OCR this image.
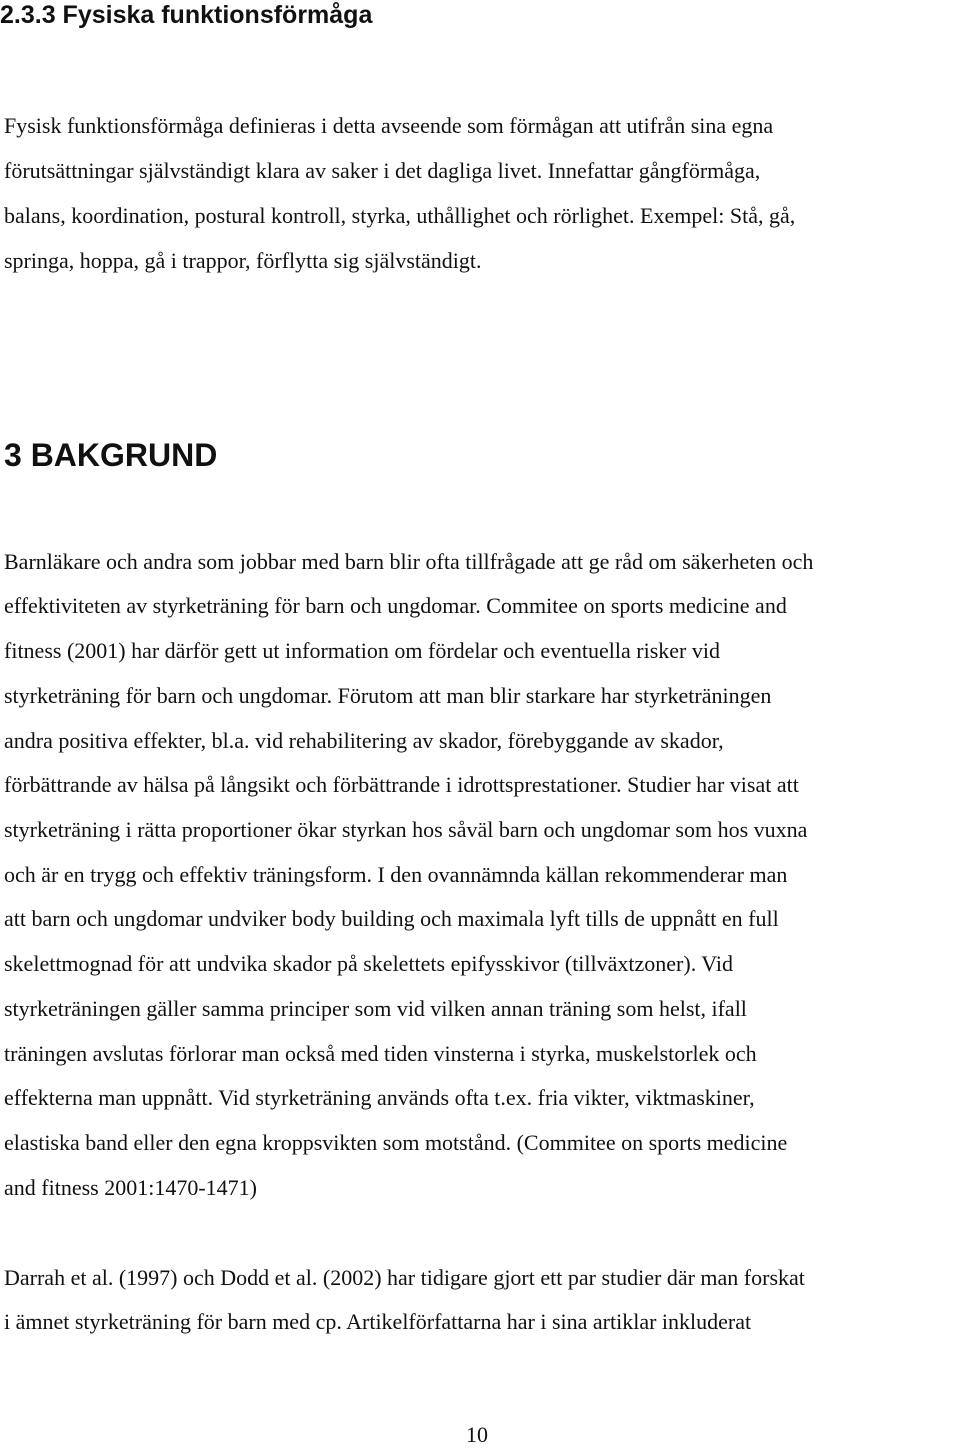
2.3.3 Fysiska funktionsförmåga
Fysisk funktionsförmåga definieras i detta avseende som förmågan att utifrån sina egna
förutsättningar självständigt klara av saker i det dagliga livet. Innefattar gångförmåga,
balans, koordination, postural kontroll, styrka, uthållighet och rörlighet. Exempel: Stå, gå,
springa, hoppa, gå i trappor, förflytta sig självständigt.
3 BAKGRUND
Barnläkare och andra som jobbar med barn blir ofta tillfrågade att ge råd om säkerheten och
effektiviteten av styrketräning för barn och ungdomar. Commitee on sports medicine and
fitness (2001) har därför gett ut information om fördelar och eventuella risker vid
styrketräning för barn och ungdomar. Förutom att man blir starkare har styrketräningen
andra positiva effekter, bl.a. vid rehabilitering av skador, förebyggande av skador,
förbättrande av hälsa på långsikt och förbättrande i idrottsprestationer. Studier har visat att
styrketräning i rätta proportioner ökar styrkan hos såväl barn och ungdomar som hos vuxna
och är en trygg och effektiv träningsform. I den ovannämnda källan rekommenderar man
att barn och ungdomar undviker body building och maximala lyft tills de uppnått en full
skelettmognad för att undvika skador på skelettets epifysskivor (tillväxtzoner). Vid
styrketräningen gäller samma principer som vid vilken annan träning som helst, ifall
träningen avslutas förlorar man också med tiden vinsterna i styrka, muskelstorlek och
effekterna man uppnått. Vid styrketräning används ofta t.ex. fria vikter, viktmaskiner,
elastiska band eller den egna kroppsvikten som motstånd. (Commitee on sports medicine
and fitness 2001:1470-1471)
Darrah et al. (1997) och Dodd et al. (2002) har tidigare gjort ett par studier där man forskat
i ämnet styrketräning för barn med cp. Artikelförfattarna har i sina artiklar inkluderat
10
